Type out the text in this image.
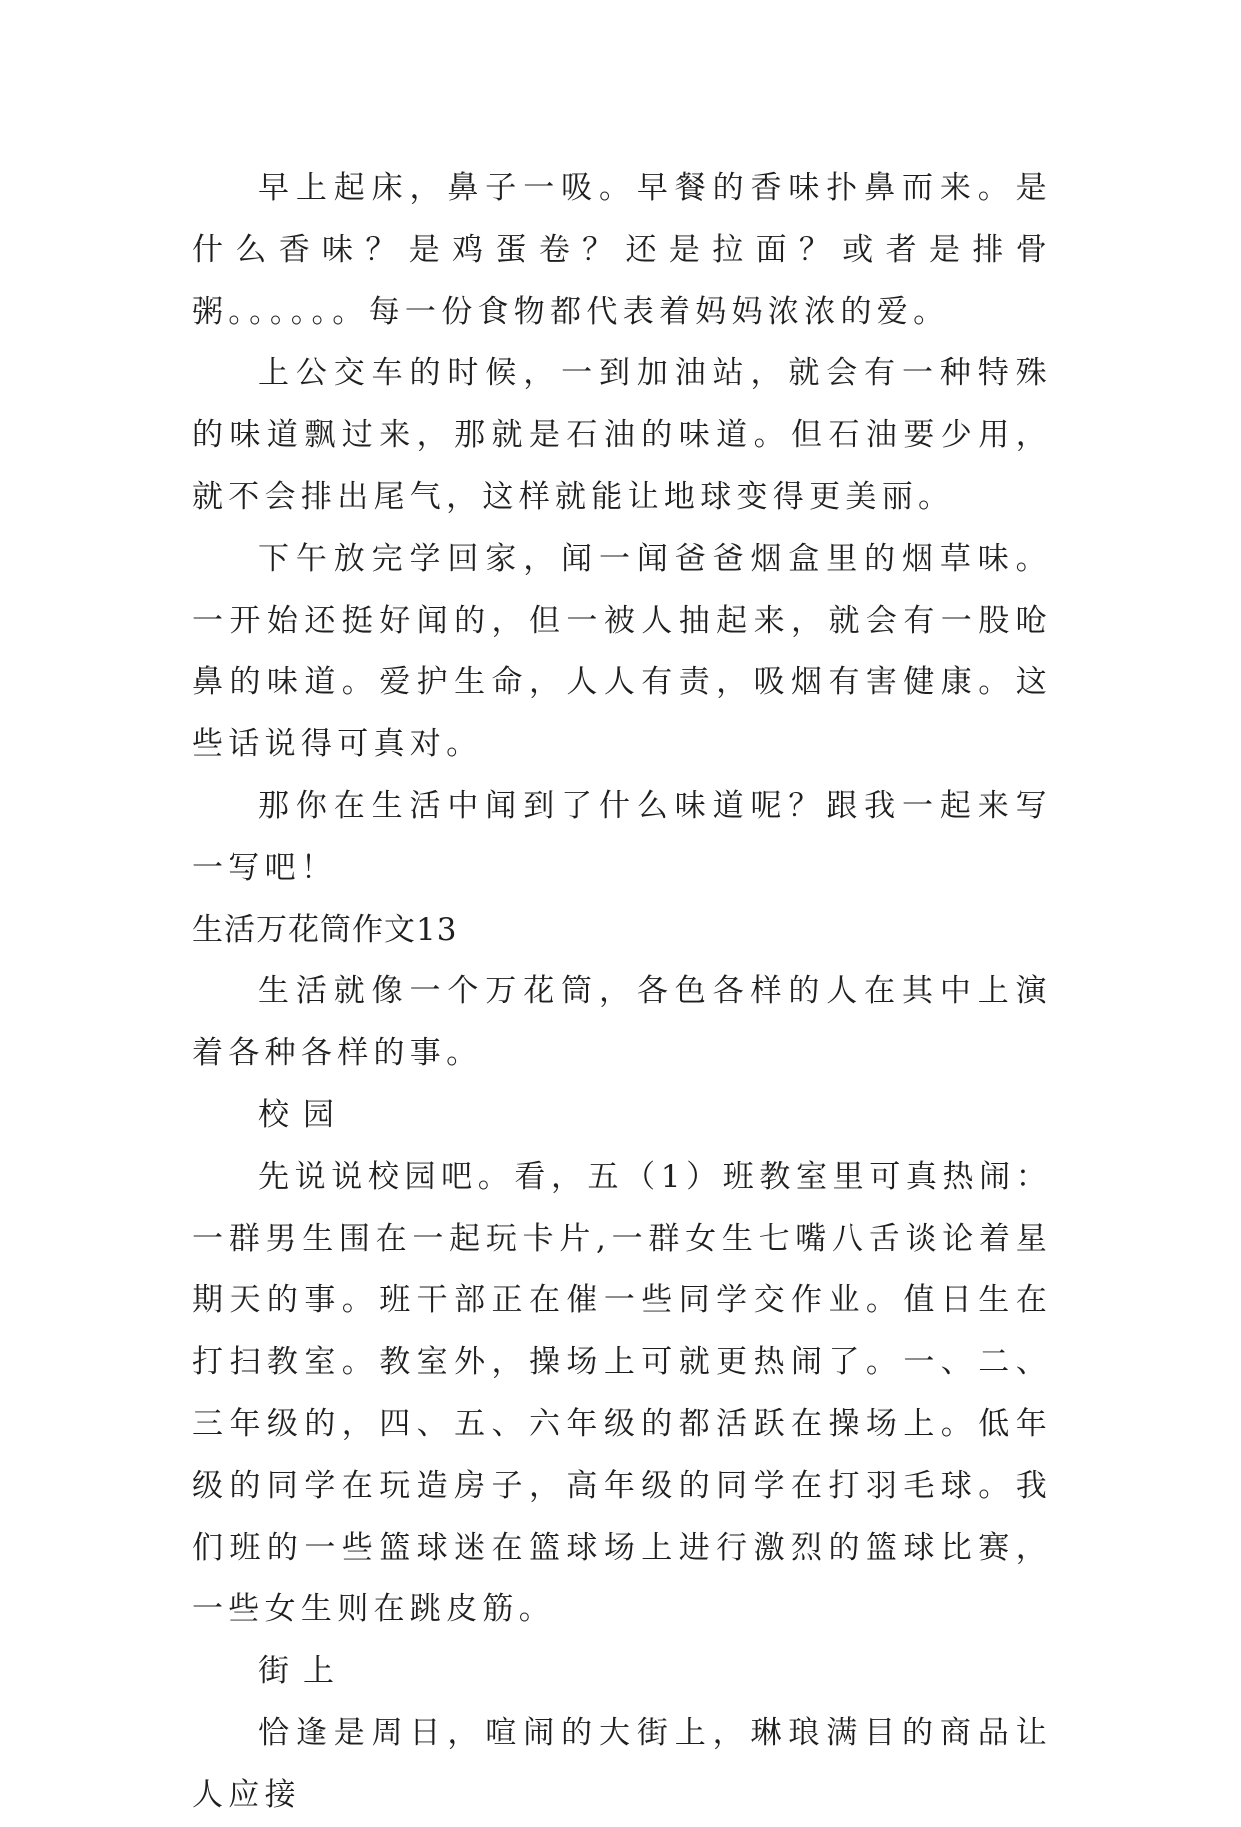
早上起床，鼻子一吸。早餐的香味扑鼻而来。是什么香味？是鸡蛋卷？还是拉面？或者是排骨粥。。。。。。每一份食物都代表着妈妈浓浓的爱。

上公交车的时候，一到加油站，就会有一种特殊的味道飘过来，那就是石油的味道。但石油要少用，就不会排出尾气，这样就能让地球变得更美丽。

下午放完学回家，闻一闻爸爸烟盒里的烟草味。一开始还挺好闻的，但一被人抽起来，就会有一股呛鼻的味道。爱护生命，人人有责，吸烟有害健康。这些话说得可真对。

那你在生活中闻到了什么味道呢？跟我一起来写一写吧！

生活万花筒作文13

生活就像一个万花筒，各色各样的人在其中上演着各种各样的事。

校园

先说说校园吧。看，五（1）班教室里可真热闹：一群男生围在一起玩卡片,一群女生七嘴八舌谈论着星期天的事。班干部正在催一些同学交作业。值日生在打扫教室。教室外，操场上可就更热闹了。一、二、三年级的，四、五、六年级的都活跃在操场上。低年级的同学在玩造房子，高年级的同学在打羽毛球。我们班的一些篮球迷在篮球场上进行激烈的篮球比赛，一些女生则在跳皮筋。

街上

恰逢是周日，喧闹的大街上，琳琅满目的商品让人应接
